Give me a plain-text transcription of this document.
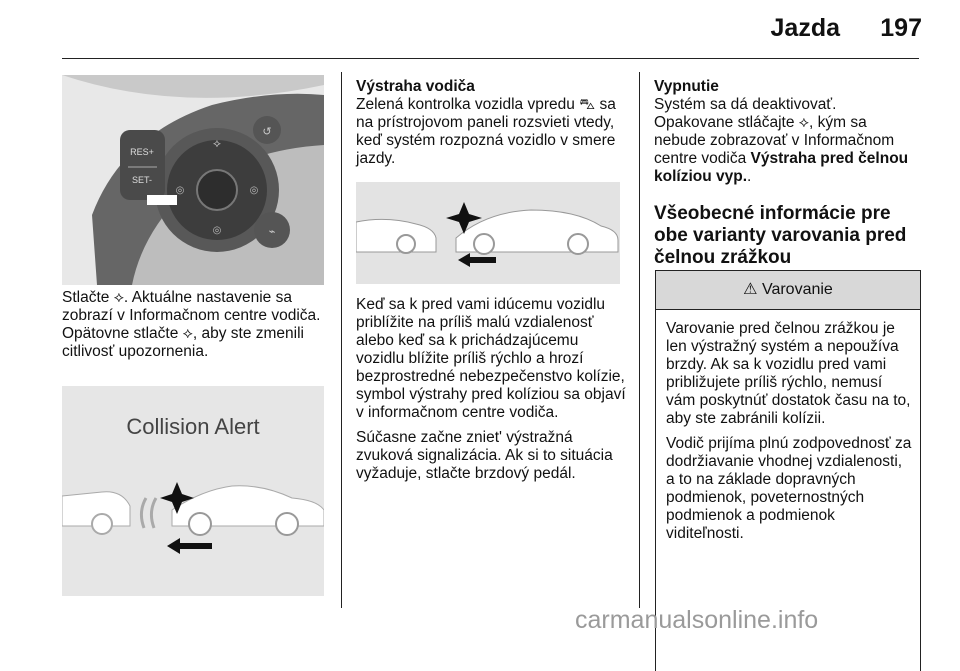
Jazda	197
RES+
SET-
⟡
◎	◎
◎
↺
⌁
Stlačte ⟡. Aktuálne nastavenie sa zobrazí v Informačnom centre vodiča. Opätovne stlačte ⟡, aby ste zmenili citlivosť upozornenia.
Collision Alert
Výstraha vodiča
Zelená kontrolka vozidla vpredu ⛍ sa na prístrojovom paneli rozsvieti vtedy, keď systém rozpozná vozidlo v smere jazdy.

Keď sa k pred vami idúcemu vozidlu priblížite na príliš malú vzdialenosť alebo keď sa k prichádzajúcemu vozidlu blížite príliš rýchlo a hrozí bezprostredné nebezpečenstvo kolízie, symbol výstrahy pred kolíziou sa objaví v informačnom centre vodiča.

Súčasne začne zniet' výstražná zvuková signalizácia. Ak si to situácia vyžaduje, stlačte brzdový pedál.

Vypnutie
Systém sa dá deaktivovať. Opakovane stláčajte ⟡, kým sa nebude zobrazovať v Informačnom centre vodiča Výstraha pred čelnou kolíziou vyp..
Všeobecné informácie pre obe varianty varovania pred čelnou zrážkou
⚠ Varovanie

Varovanie pred čelnou zrážkou je len výstražný systém a nepoužíva brzdy. Ak sa k vozidlu pred vami približujete príliš rýchlo, nemusí vám poskytnúť dostatok času na to, aby ste zabránili kolízii.

Vodič prijíma plnú zodpovednosť za dodržiavanie vhodnej vzdialenosti, a to na základe dopravných podmienok, poveternostných podmienok a podmienok viditeľnosti.

carmanualsonline.info
